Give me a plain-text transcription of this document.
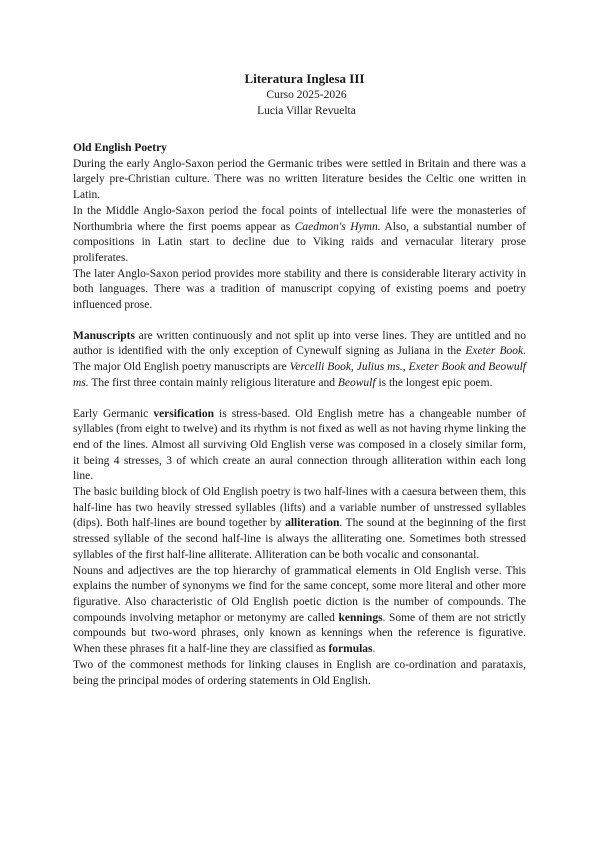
Literatura Inglesa III
Curso 2025-2026
Lucia Villar Revuelta
Old English Poetry

During the early Anglo-Saxon period the Germanic tribes were settled in Britain and there was a largely pre-Christian culture. There was no written literature besides the Celtic one written in Latin.

In the Middle Anglo-Saxon period the focal points of intellectual life were the monasteries of Northumbria where the first poems appear as Caedmon's Hymn. Also, a substantial number of compositions in Latin start to decline due to Viking raids and vernacular literary prose proliferates.

The later Anglo-Saxon period provides more stability and there is considerable literary activity in both languages. There was a tradition of manuscript copying of existing poems and poetry influenced prose.

Manuscripts are written continuously and not split up into verse lines. They are untitled and no author is identified with the only exception of Cynewulf signing as Juliana in the Exeter Book. The major Old English poetry manuscripts are Vercelli Book, Julius ms., Exeter Book and Beowulf ms. The first three contain mainly religious literature and Beowulf is the longest epic poem.

Early Germanic versification is stress-based. Old English metre has a changeable number of syllables (from eight to twelve) and its rhythm is not fixed as well as not having rhyme linking the end of the lines. Almost all surviving Old English verse was composed in a closely similar form, it being 4 stresses, 3 of which create an aural connection through alliteration within each long line.

The basic building block of Old English poetry is two half-lines with a caesura between them, this half-line has two heavily stressed syllables (lifts) and a variable number of unstressed syllables (dips). Both half-lines are bound together by alliteration. The sound at the beginning of the first stressed syllable of the second half-line is always the alliterating one. Sometimes both stressed syllables of the first half-line alliterate. Alliteration can be both vocalic and consonantal.

Nouns and adjectives are the top hierarchy of grammatical elements in Old English verse. This explains the number of synonyms we find for the same concept, some more literal and other more figurative. Also characteristic of Old English poetic diction is the number of compounds. The compounds involving metaphor or metonymy are called kennings. Some of them are not strictly compounds but two-word phrases, only known as kennings when the reference is figurative. When these phrases fit a half-line they are classified as formulas.

Two of the commonest methods for linking clauses in English are co-ordination and parataxis, being the principal modes of ordering statements in Old English.
